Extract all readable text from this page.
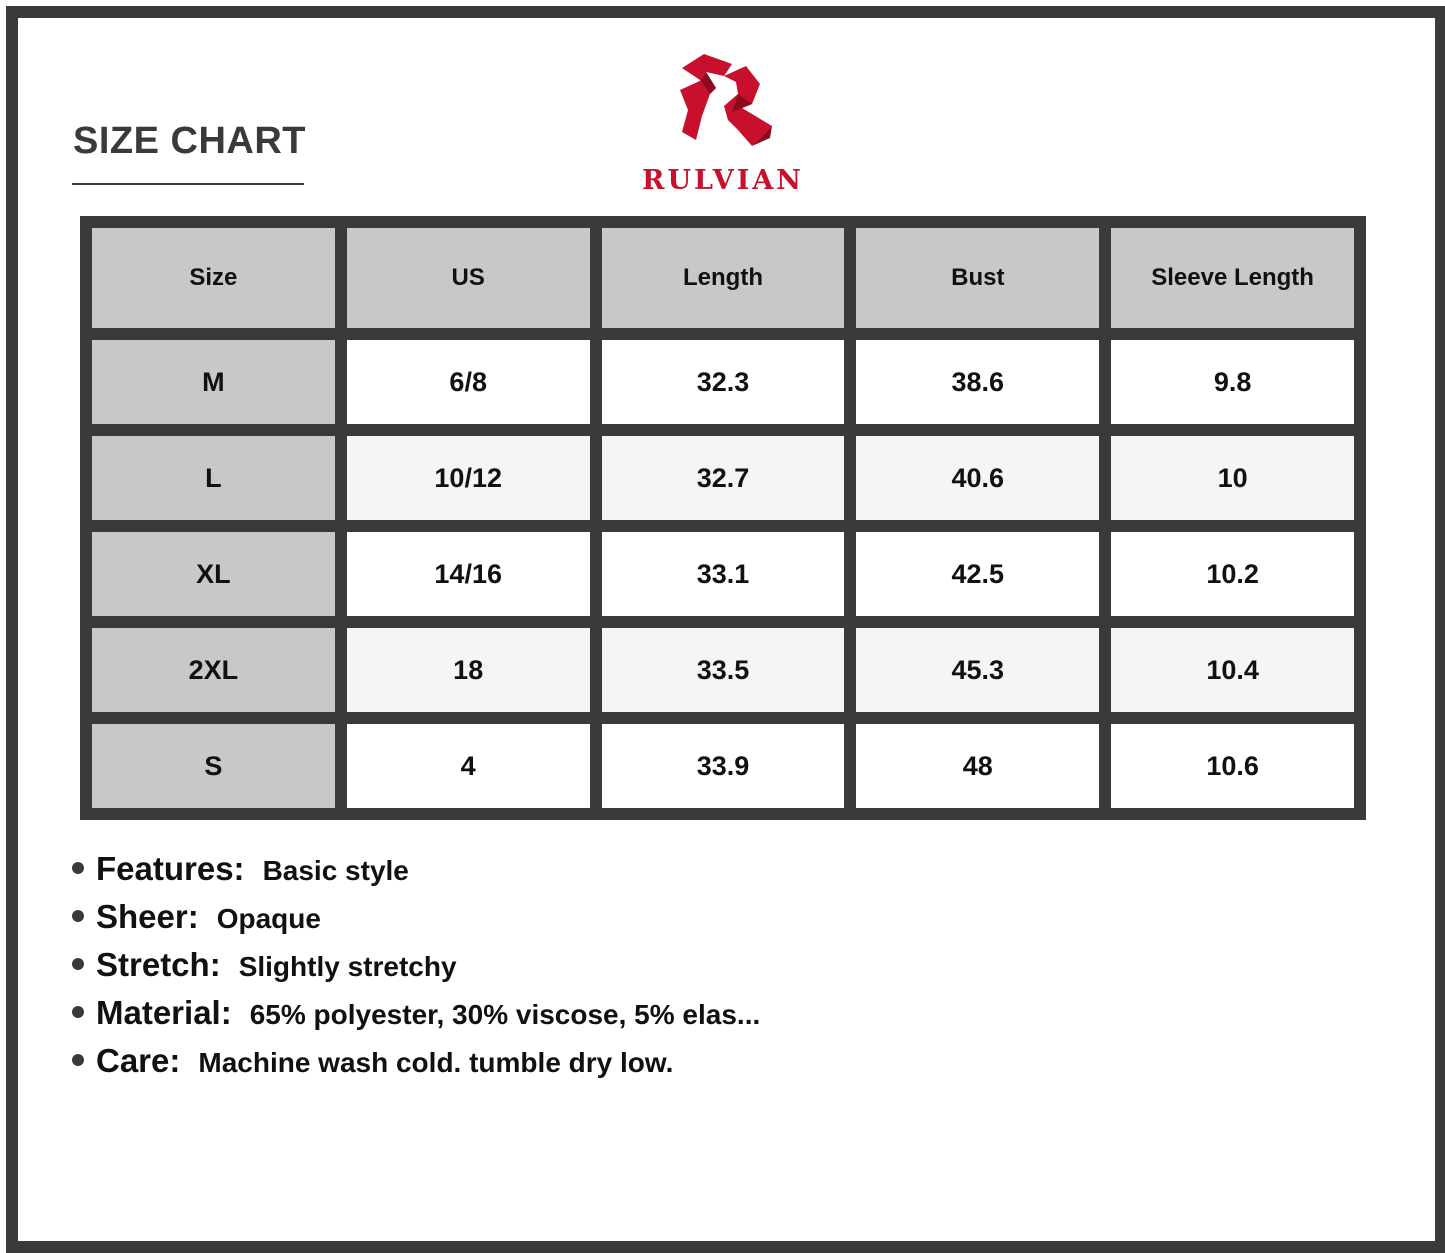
SIZE CHART
RULVIAN
Size	US	Length	Bust	Sleeve Length
M	6/8	32.3	38.6	9.8
L	10/12	32.7	40.6	10
XL	14/16	33.1	42.5	10.2
2XL	18	33.5	45.3	10.4
S	4	33.9	48	10.6
Features: Basic style
Sheer: Opaque
Stretch: Slightly stretchy
Material: 65% polyester, 30% viscose, 5% elas...
Care: Machine wash cold. tumble dry low.
